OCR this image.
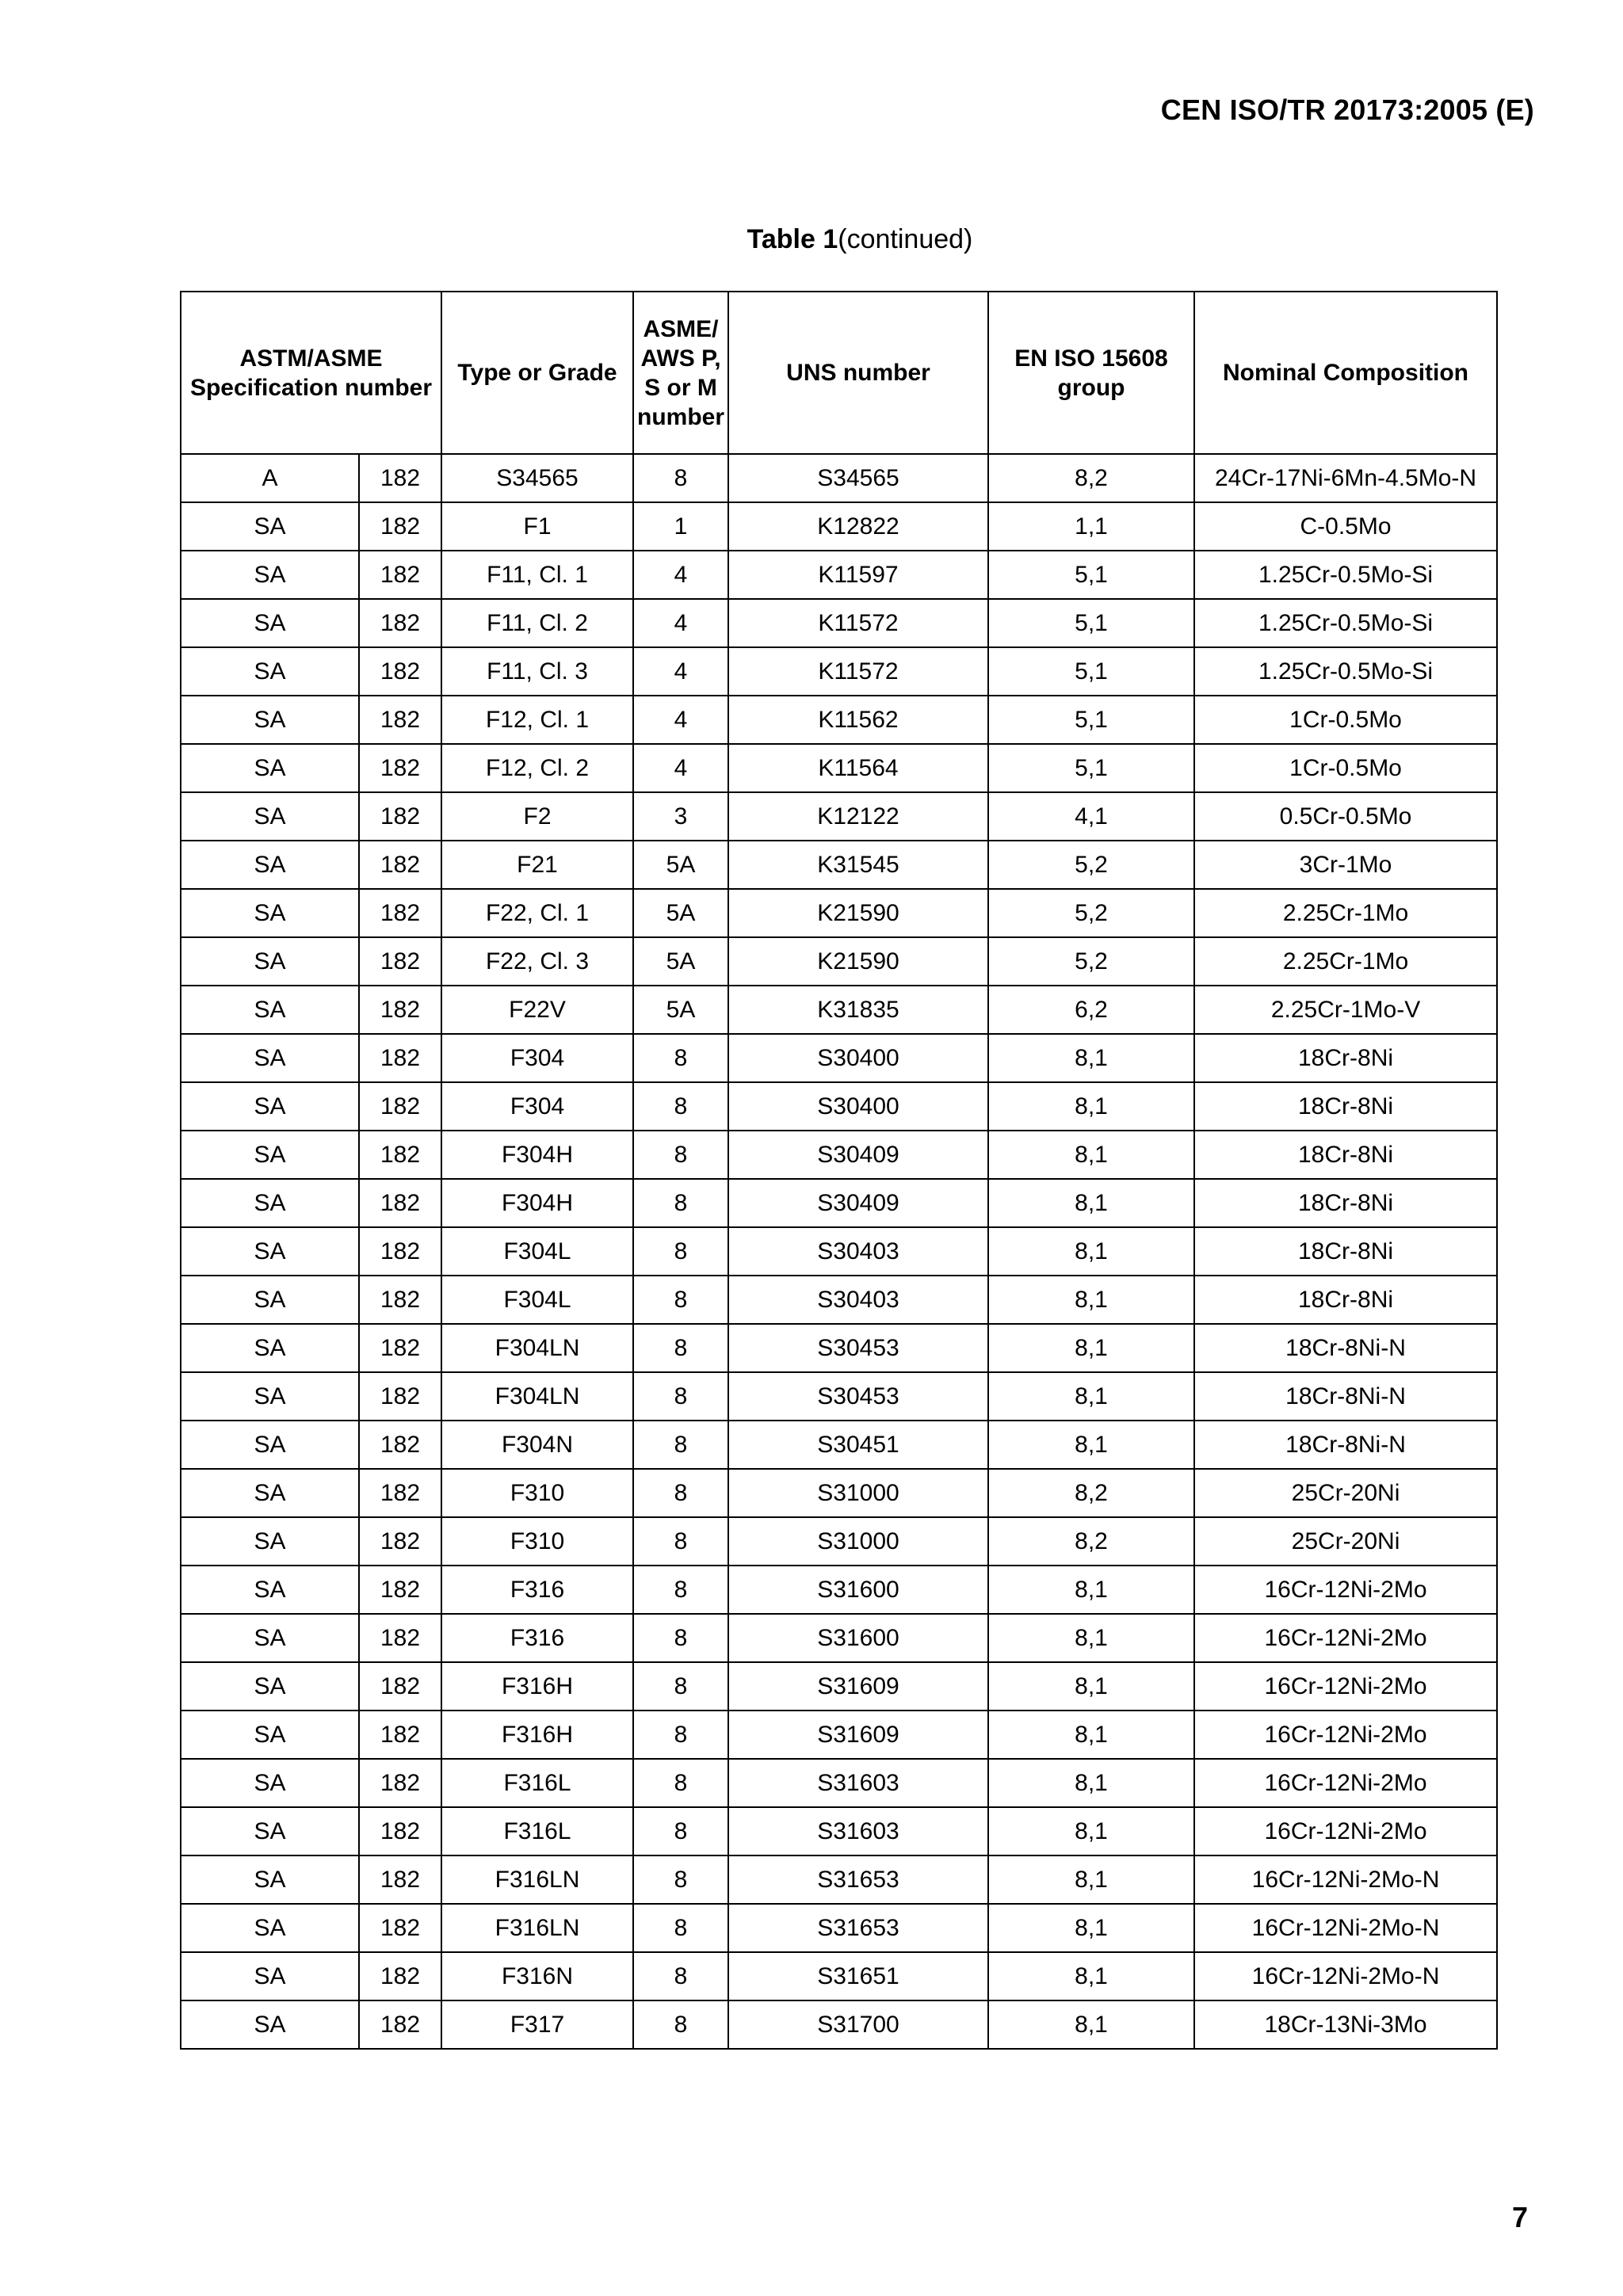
CEN ISO/TR 20173:2005 (E)
Table 1(continued)
ASTM/ASME Specification number		Type or Grade	ASME/ AWS P, S or M number	UNS number	EN ISO 15608 group	Nominal Composition
A	182	S34565	8	S34565	8,2	24Cr-17Ni-6Mn-4.5Mo-N
SA	182	F1	1	K12822	1,1	C-0.5Mo
SA	182	F11, Cl. 1	4	K11597	5,1	1.25Cr-0.5Mo-Si
SA	182	F11, Cl. 2	4	K11572	5,1	1.25Cr-0.5Mo-Si
SA	182	F11, Cl. 3	4	K11572	5,1	1.25Cr-0.5Mo-Si
SA	182	F12, Cl. 1	4	K11562	5,1	1Cr-0.5Mo
SA	182	F12, Cl. 2	4	K11564	5,1	1Cr-0.5Mo
SA	182	F2	3	K12122	4,1	0.5Cr-0.5Mo
SA	182	F21	5A	K31545	5,2	3Cr-1Mo
SA	182	F22, Cl. 1	5A	K21590	5,2	2.25Cr-1Mo
SA	182	F22, Cl. 3	5A	K21590	5,2	2.25Cr-1Mo
SA	182	F22V	5A	K31835	6,2	2.25Cr-1Mo-V
SA	182	F304	8	S30400	8,1	18Cr-8Ni
SA	182	F304	8	S30400	8,1	18Cr-8Ni
SA	182	F304H	8	S30409	8,1	18Cr-8Ni
SA	182	F304H	8	S30409	8,1	18Cr-8Ni
SA	182	F304L	8	S30403	8,1	18Cr-8Ni
SA	182	F304L	8	S30403	8,1	18Cr-8Ni
SA	182	F304LN	8	S30453	8,1	18Cr-8Ni-N
SA	182	F304LN	8	S30453	8,1	18Cr-8Ni-N
SA	182	F304N	8	S30451	8,1	18Cr-8Ni-N
SA	182	F310	8	S31000	8,2	25Cr-20Ni
SA	182	F310	8	S31000	8,2	25Cr-20Ni
SA	182	F316	8	S31600	8,1	16Cr-12Ni-2Mo
SA	182	F316	8	S31600	8,1	16Cr-12Ni-2Mo
SA	182	F316H	8	S31609	8,1	16Cr-12Ni-2Mo
SA	182	F316H	8	S31609	8,1	16Cr-12Ni-2Mo
SA	182	F316L	8	S31603	8,1	16Cr-12Ni-2Mo
SA	182	F316L	8	S31603	8,1	16Cr-12Ni-2Mo
SA	182	F316LN	8	S31653	8,1	16Cr-12Ni-2Mo-N
SA	182	F316LN	8	S31653	8,1	16Cr-12Ni-2Mo-N
SA	182	F316N	8	S31651	8,1	16Cr-12Ni-2Mo-N
SA	182	F317	8	S31700	8,1	18Cr-13Ni-3Mo
7
